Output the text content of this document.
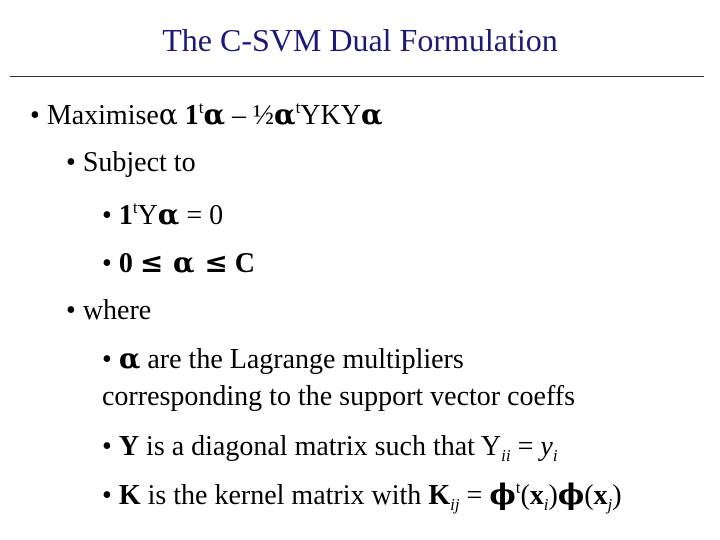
The C-SVM Dual Formulation
• Maximiseα $1^t\alpha - \frac{1}{2}\alpha^tYKY\alpha$
• Subject to
• $1^tY\alpha = 0$
• 0 ≤ α ≤ C
• where
• α are the Lagrange multipliers
corresponding to the support vector coeffs
• Y is a diagonal matrix such that $Y_{ii} = y_i$
• K is the kernel matrix with $K_{ij} = \phi^t(x_i)\phi(x_j)$
